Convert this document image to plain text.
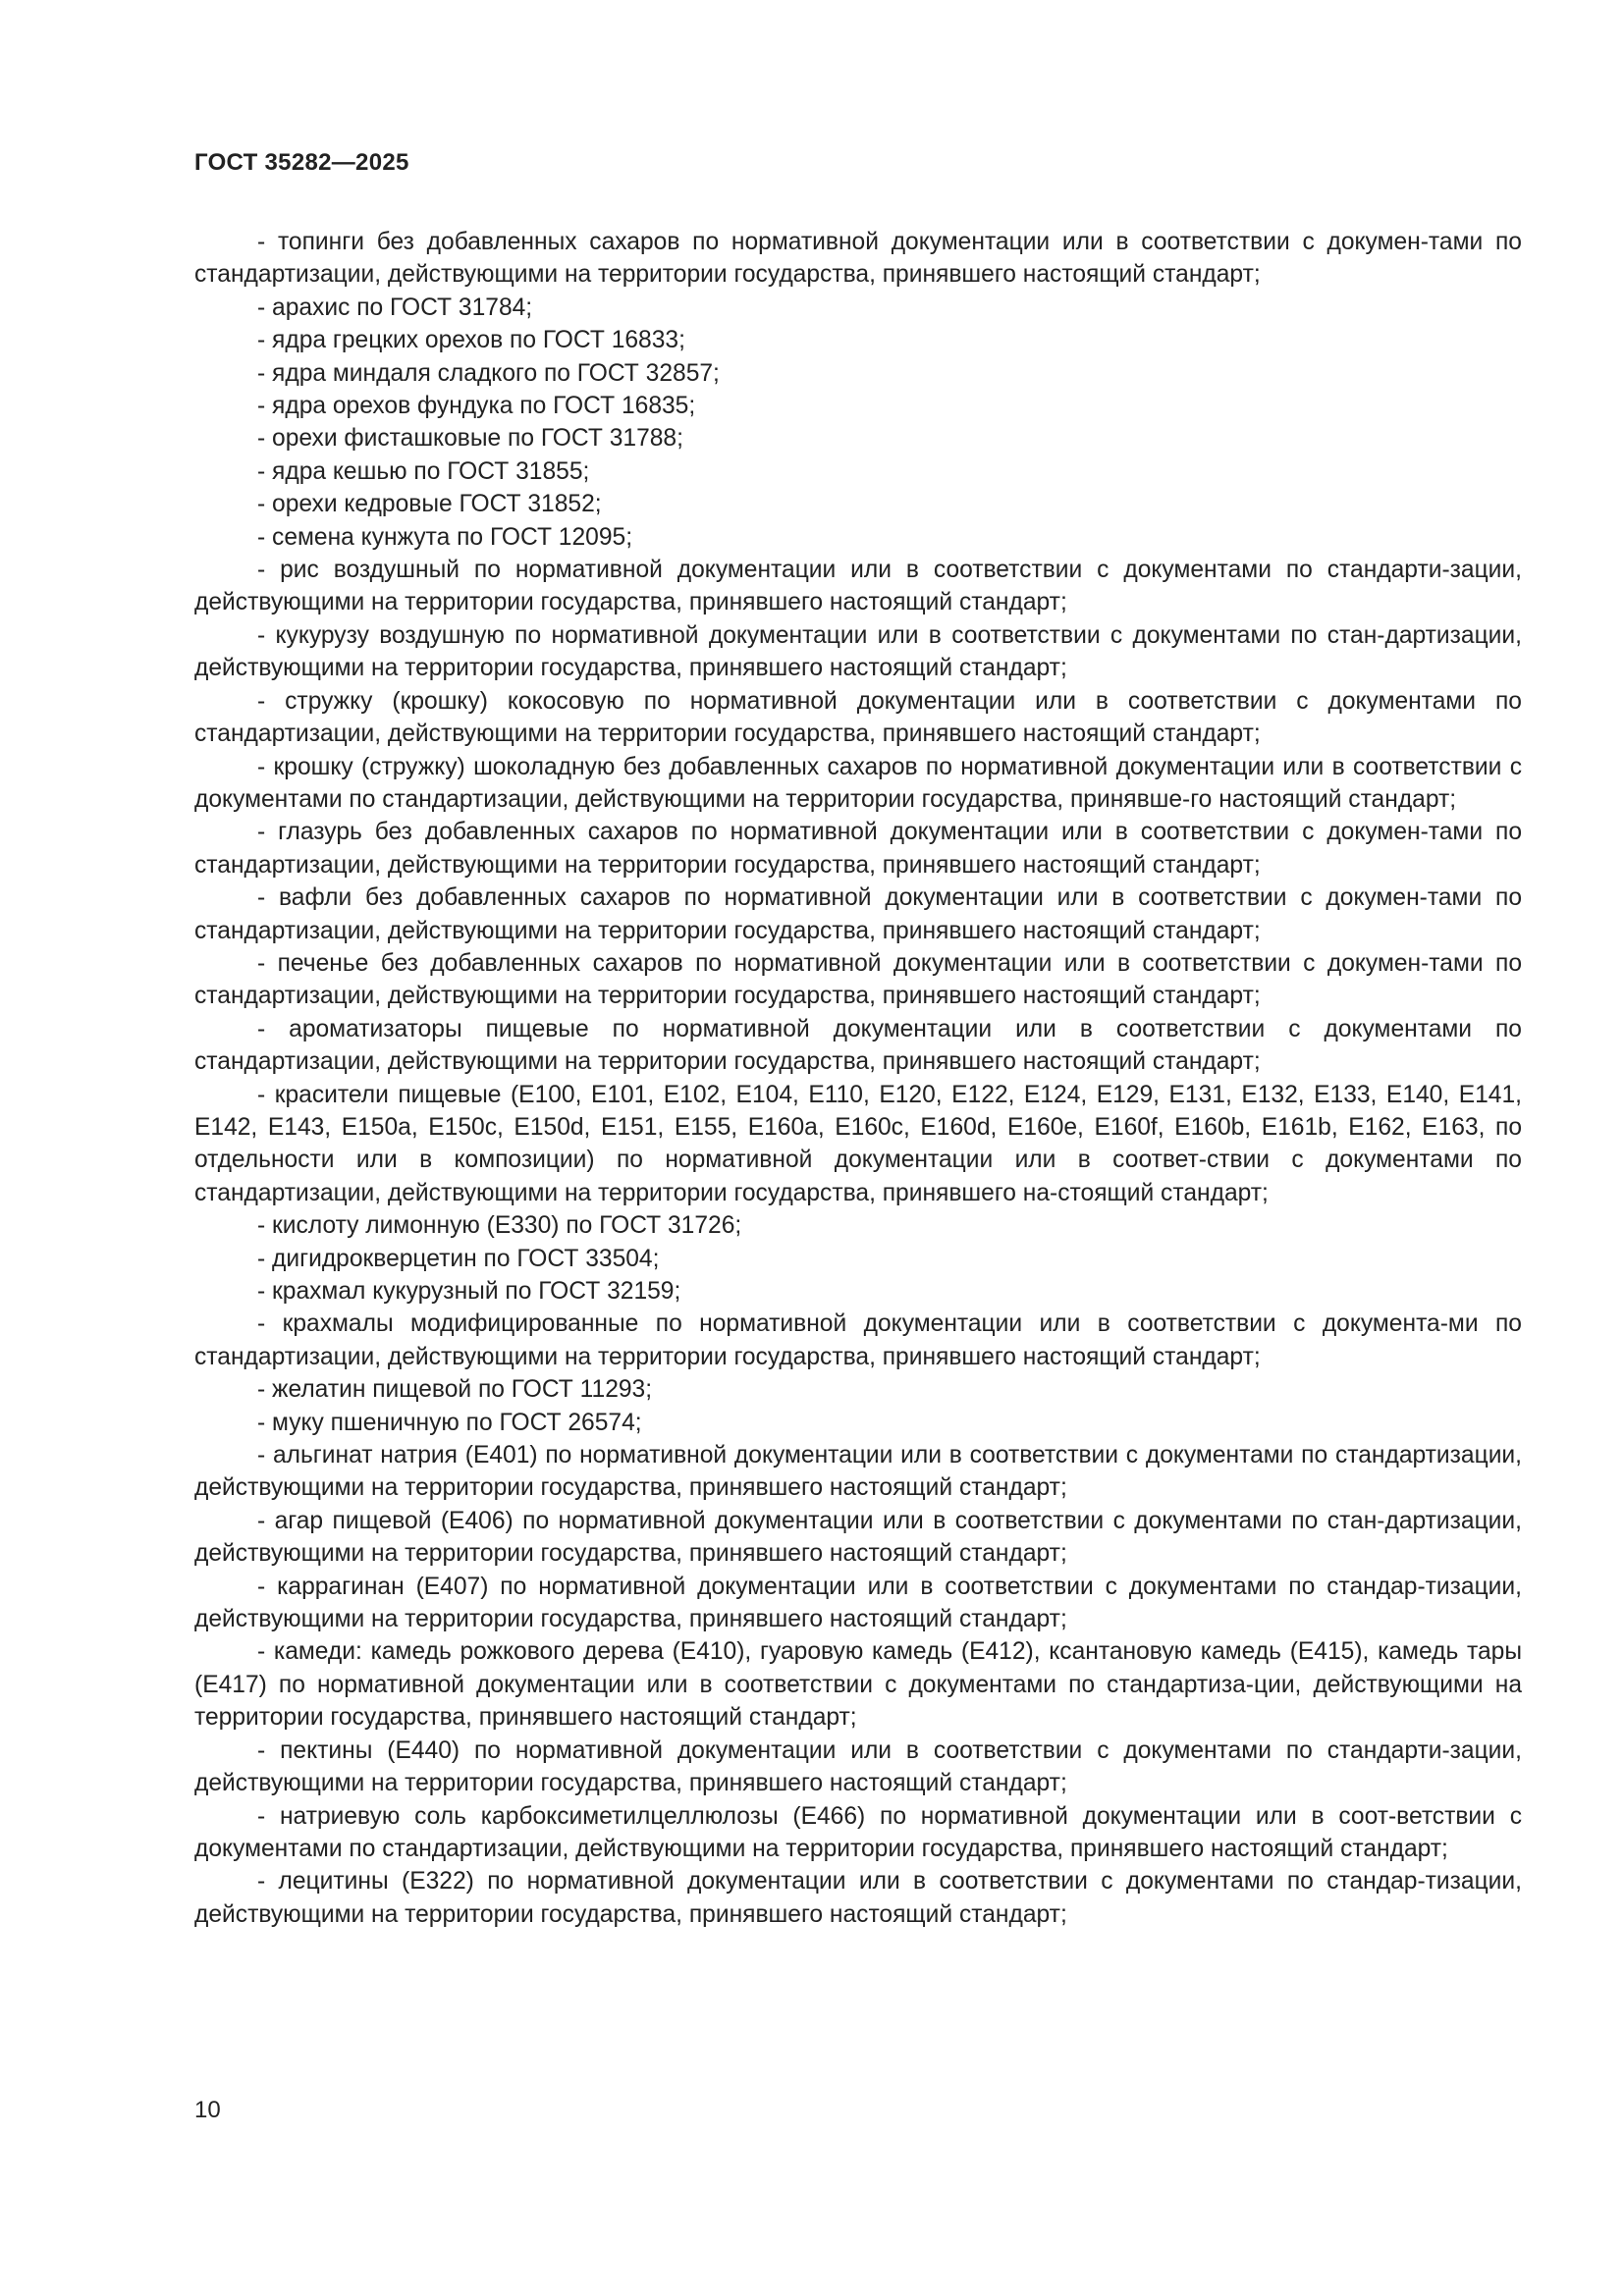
ГОСТ 35282—2025

- топинги без добавленных сахаров по нормативной документации или в соответствии с докумен-тами по стандартизации, действующими на территории государства, принявшего настоящий стандарт;

- арахис по ГОСТ 31784;

- ядра грецких орехов по ГОСТ 16833;

- ядра миндаля сладкого по ГОСТ 32857;

- ядра орехов фундука по ГОСТ 16835;

- орехи фисташковые по ГОСТ 31788;

- ядра кешью по ГОСТ 31855;

- орехи кедровые ГОСТ 31852;

- семена кунжута по ГОСТ 12095;

- рис воздушный по нормативной документации или в соответствии с документами по стандарти-зации, действующими на территории государства, принявшего настоящий стандарт;

- кукурузу воздушную по нормативной документации или в соответствии с документами по стан-дартизации, действующими на территории государства, принявшего настоящий стандарт;

- стружку (крошку) кокосовую по нормативной документации или в соответствии с документами по стандартизации, действующими на территории государства, принявшего настоящий стандарт;

- крошку (стружку) шоколадную без добавленных сахаров по нормативной документации или в соответствии с документами по стандартизации, действующими на территории государства, принявше-го настоящий стандарт;

- глазурь без добавленных сахаров по нормативной документации или в соответствии с докумен-тами по стандартизации, действующими на территории государства, принявшего настоящий стандарт;

- вафли без добавленных сахаров по нормативной документации или в соответствии с докумен-тами по стандартизации, действующими на территории государства, принявшего настоящий стандарт;

- печенье без добавленных сахаров по нормативной документации или в соответствии с докумен-тами по стандартизации, действующими на территории государства, принявшего настоящий стандарт;

- ароматизаторы пищевые по нормативной документации или в соответствии с документами по стандартизации, действующими на территории государства, принявшего настоящий стандарт;

- красители пищевые (Е100, Е101, Е102, Е104, Е110, Е120, Е122, Е124, Е129, Е131, Е132, Е133, Е140, Е141, Е142, Е143, Е150a, Е150c, Е150d, Е151, Е155, Е160a, Е160c, Е160d, Е160e, Е160f, Е160b, Е161b, Е162, Е163, по отдельности или в композиции) по нормативной документации или в соответ-ствии с документами по стандартизации, действующими на территории государства, принявшего на-стоящий стандарт;

- кислоту лимонную (Е330) по ГОСТ 31726;

- дигидрокверцетин по ГОСТ 33504;

- крахмал кукурузный по ГОСТ 32159;

- крахмалы модифицированные по нормативной документации или в соответствии с документа-ми по стандартизации, действующими на территории государства, принявшего настоящий стандарт;

- желатин пищевой по ГОСТ 11293;

- муку пшеничную по ГОСТ 26574;

- альгинат натрия (Е401) по нормативной документации или в соответствии с документами по стандартизации, действующими на территории государства, принявшего настоящий стандарт;

- агар пищевой (Е406) по нормативной документации или в соответствии с документами по стан-дартизации, действующими на территории государства, принявшего настоящий стандарт;

- каррагинан (Е407) по нормативной документации или в соответствии с документами по стандар-тизации, действующими на территории государства, принявшего настоящий стандарт;

- камеди: камедь рожкового дерева (Е410), гуаровую камедь (Е412), ксантановую камедь (Е415), камедь тары (Е417) по нормативной документации или в соответствии с документами по стандартиза-ции, действующими на территории государства, принявшего настоящий стандарт;

- пектины (Е440) по нормативной документации или в соответствии с документами по стандарти-зации, действующими на территории государства, принявшего настоящий стандарт;

- натриевую соль карбоксиметилцеллюлозы (Е466) по нормативной документации или в соот-ветствии с документами по стандартизации, действующими на территории государства, принявшего настоящий стандарт;

- лецитины (Е322) по нормативной документации или в соответствии с документами по стандар-тизации, действующими на территории государства, принявшего настоящий стандарт;

10
